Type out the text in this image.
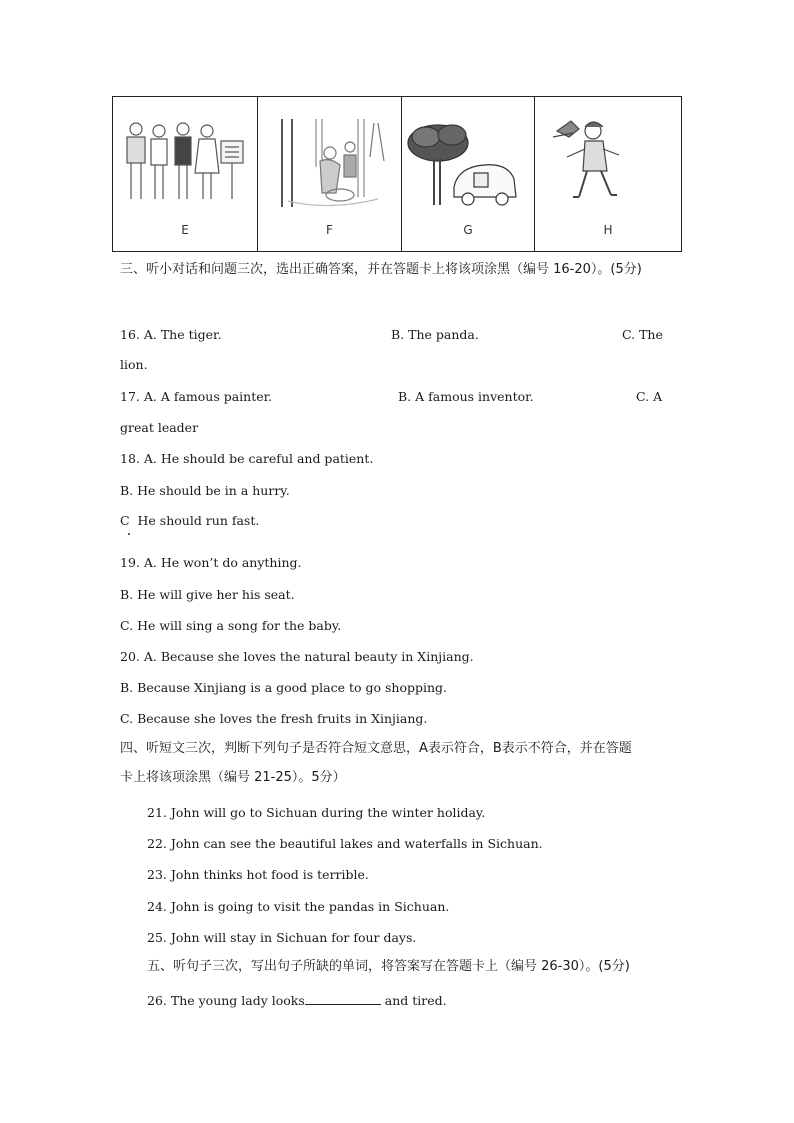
E	F	G	H
三、听小对话和问题三次，选出正确答案，并在答题卡上将该项涂黑（编号 16-20）。(5分)
16. A. The tiger.	B. The panda.	C. The
lion.
17. A. A famous painter.	B. A famous inventor.	C. A
great leader
18. A. He should be careful and patient.
B. He should be in a hurry.
C  He should run fast.
19. A. He won’t do anything.
B. He will give her his seat.
C. He will sing a song for the baby.
20. A. Because she loves the natural beauty in Xinjiang.
B. Because Xinjiang is a good place to go shopping.
C. Because she loves the fresh fruits in Xinjiang.
四、听短文三次，判断下列句子是否符合短文意思，A表示符合，B表示不符合，并在答题
卡上将该项涂黑（编号 21-25）。5分）
21. John will go to Sichuan during the winter holiday.
22. John can see the beautiful lakes and waterfalls in Sichuan.
23. John thinks hot food is terrible.
24. John is going to visit the pandas in Sichuan.
25. John will stay in Sichuan for four days.
五、听句子三次，写出句子所缺的单词，将答案写在答题卡上（编号 26-30）。(5分)
26. The young lady looks	and tired.
